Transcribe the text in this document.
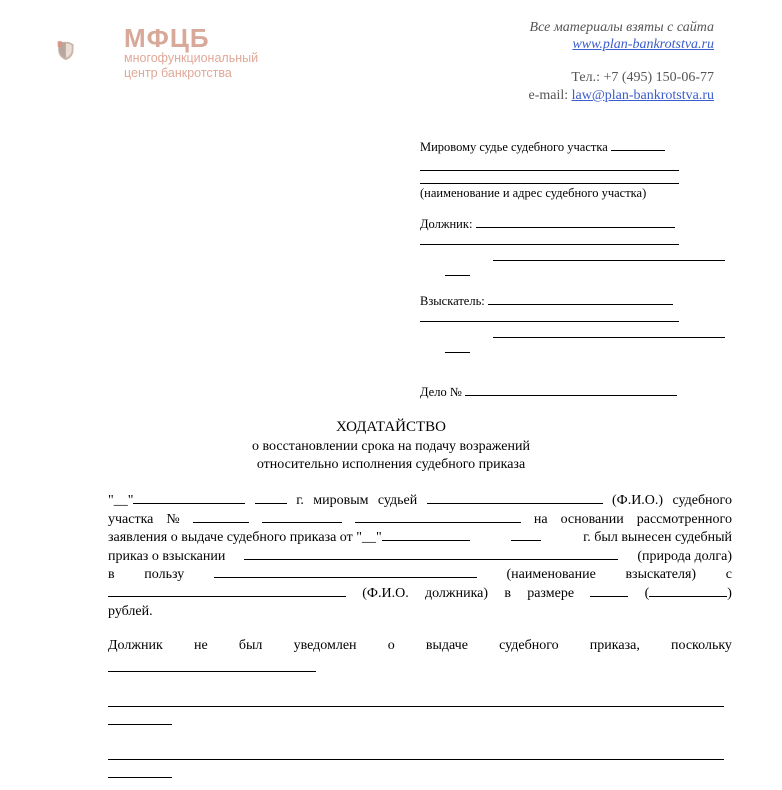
МФЦБ
многофункциональный
центр банкротства
Все материалы взяты с сайта
www.plan-bankrotstva.ru
Тел.: +7 (495) 150-06-77
e-mail: law@plan-bankrotstva.ru
Мировому судье судебного участка
(наименование и адрес судебного участка)
Должник:
Взыскатель:
Дело №
ХОДАТАЙСТВО
о восстановлении срока на подачу возражений
относительно исполнения судебного приказа
"__"	г. мировым судьей	(Ф.И.О.) судебного
участка №	на основании рассмотренного
заявления о выдаче судебного приказа от "__"	г. был вынесен судебный
приказ о взыскании	(природа долга)
в пользу	(наименование взыскателя) с
(Ф.И.О. должника) в размере	(	)
рублей.
Должник не был уведомлен о выдаче судебного приказа, поскольку
